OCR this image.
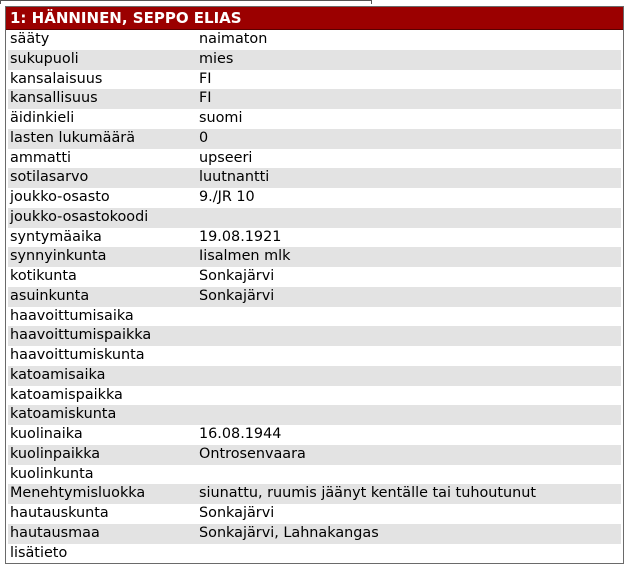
1: HÄNNINEN, SEPPO ELIAS
sääty	naimaton
sukupuoli	mies
kansalaisuus	FI
kansallisuus	FI
äidinkieli	suomi
lasten lukumäärä	0
ammatti	upseeri
sotilasarvo	luutnantti
joukko-osasto	9./JR 10
joukko-osastokoodi
syntymäaika	19.08.1921
synnyinkunta	Iisalmen mlk
kotikunta	Sonkajärvi
asuinkunta	Sonkajärvi
haavoittumisaika
haavoittumispaikka
haavoittumiskunta
katoamisaika
katoamispaikka
katoamiskunta
kuolinaika	16.08.1944
kuolinpaikka	Ontrosenvaara
kuolinkunta
Menehtymisluokka	siunattu, ruumis jäänyt kentälle tai tuhoutunut
hautauskunta	Sonkajärvi
hautausmaa	Sonkajärvi, Lahnakangas
lisätieto
